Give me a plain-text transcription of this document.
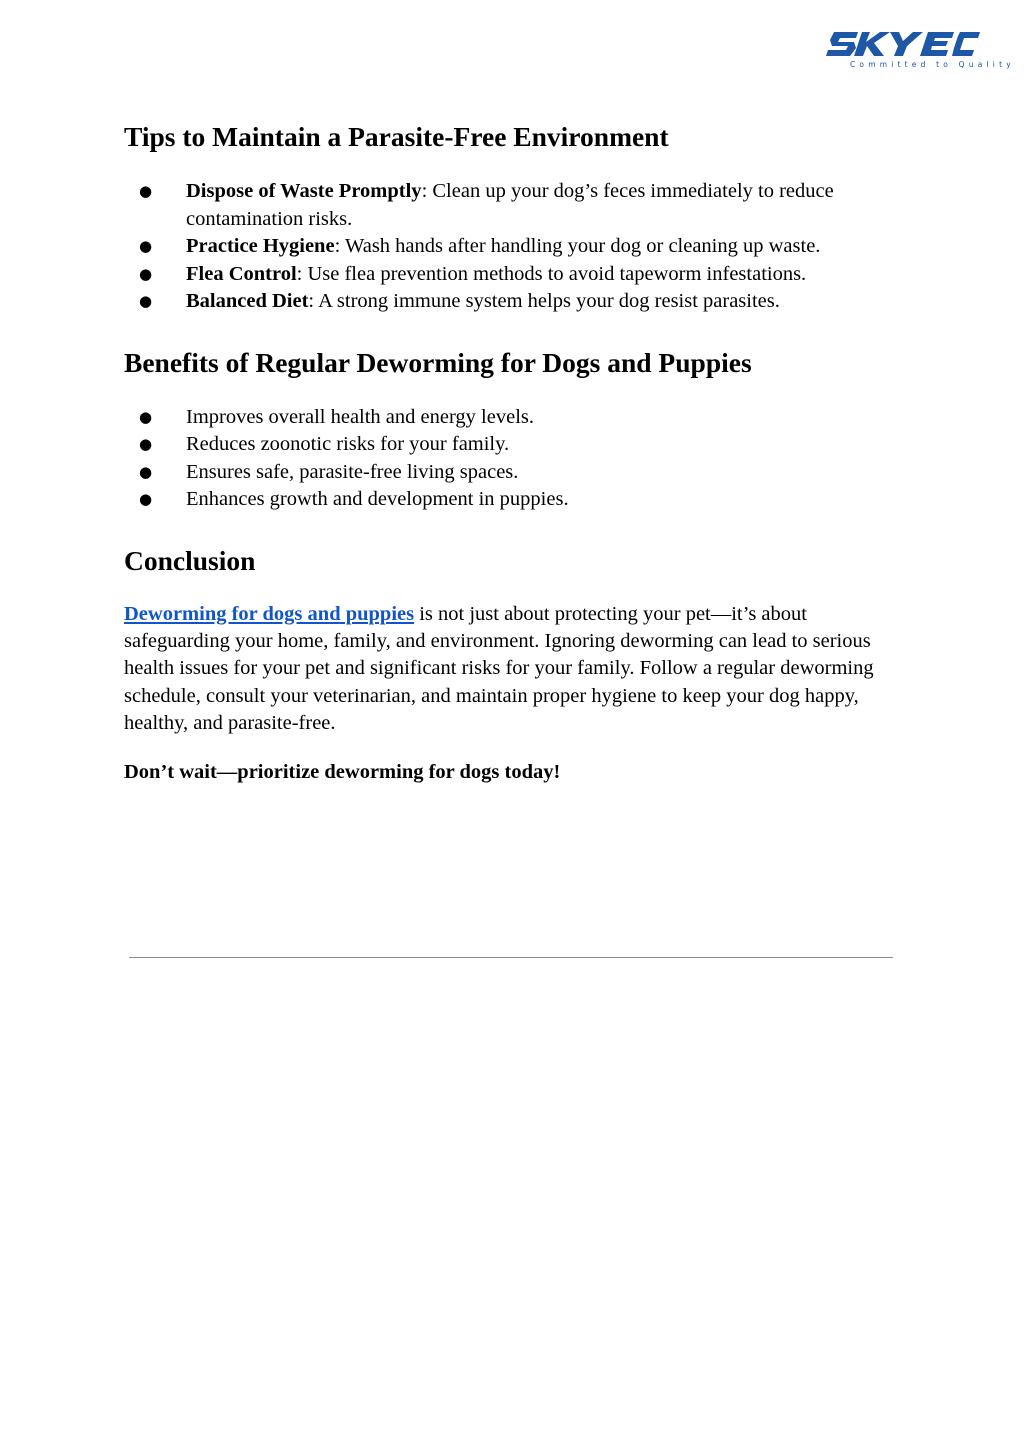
Committed to Quality
Tips to Maintain a Parasite-Free Environment
● Dispose of Waste Promptly: Clean up your dog’s feces immediately to reduce contamination risks.
● Practice Hygiene: Wash hands after handling your dog or cleaning up waste.
● Flea Control: Use flea prevention methods to avoid tapeworm infestations.
● Balanced Diet: A strong immune system helps your dog resist parasites.
Benefits of Regular Deworming for Dogs and Puppies
● Improves overall health and energy levels.
● Reduces zoonotic risks for your family.
● Ensures safe, parasite-free living spaces.
● Enhances growth and development in puppies.
Conclusion

Deworming for dogs and puppies is not just about protecting your pet—it’s about safeguarding your home, family, and environment. Ignoring deworming can lead to serious health issues for your pet and significant risks for your family. Follow a regular deworming schedule, consult your veterinarian, and maintain proper hygiene to keep your dog happy, healthy, and parasite-free.

Don’t wait—prioritize deworming for dogs today!
